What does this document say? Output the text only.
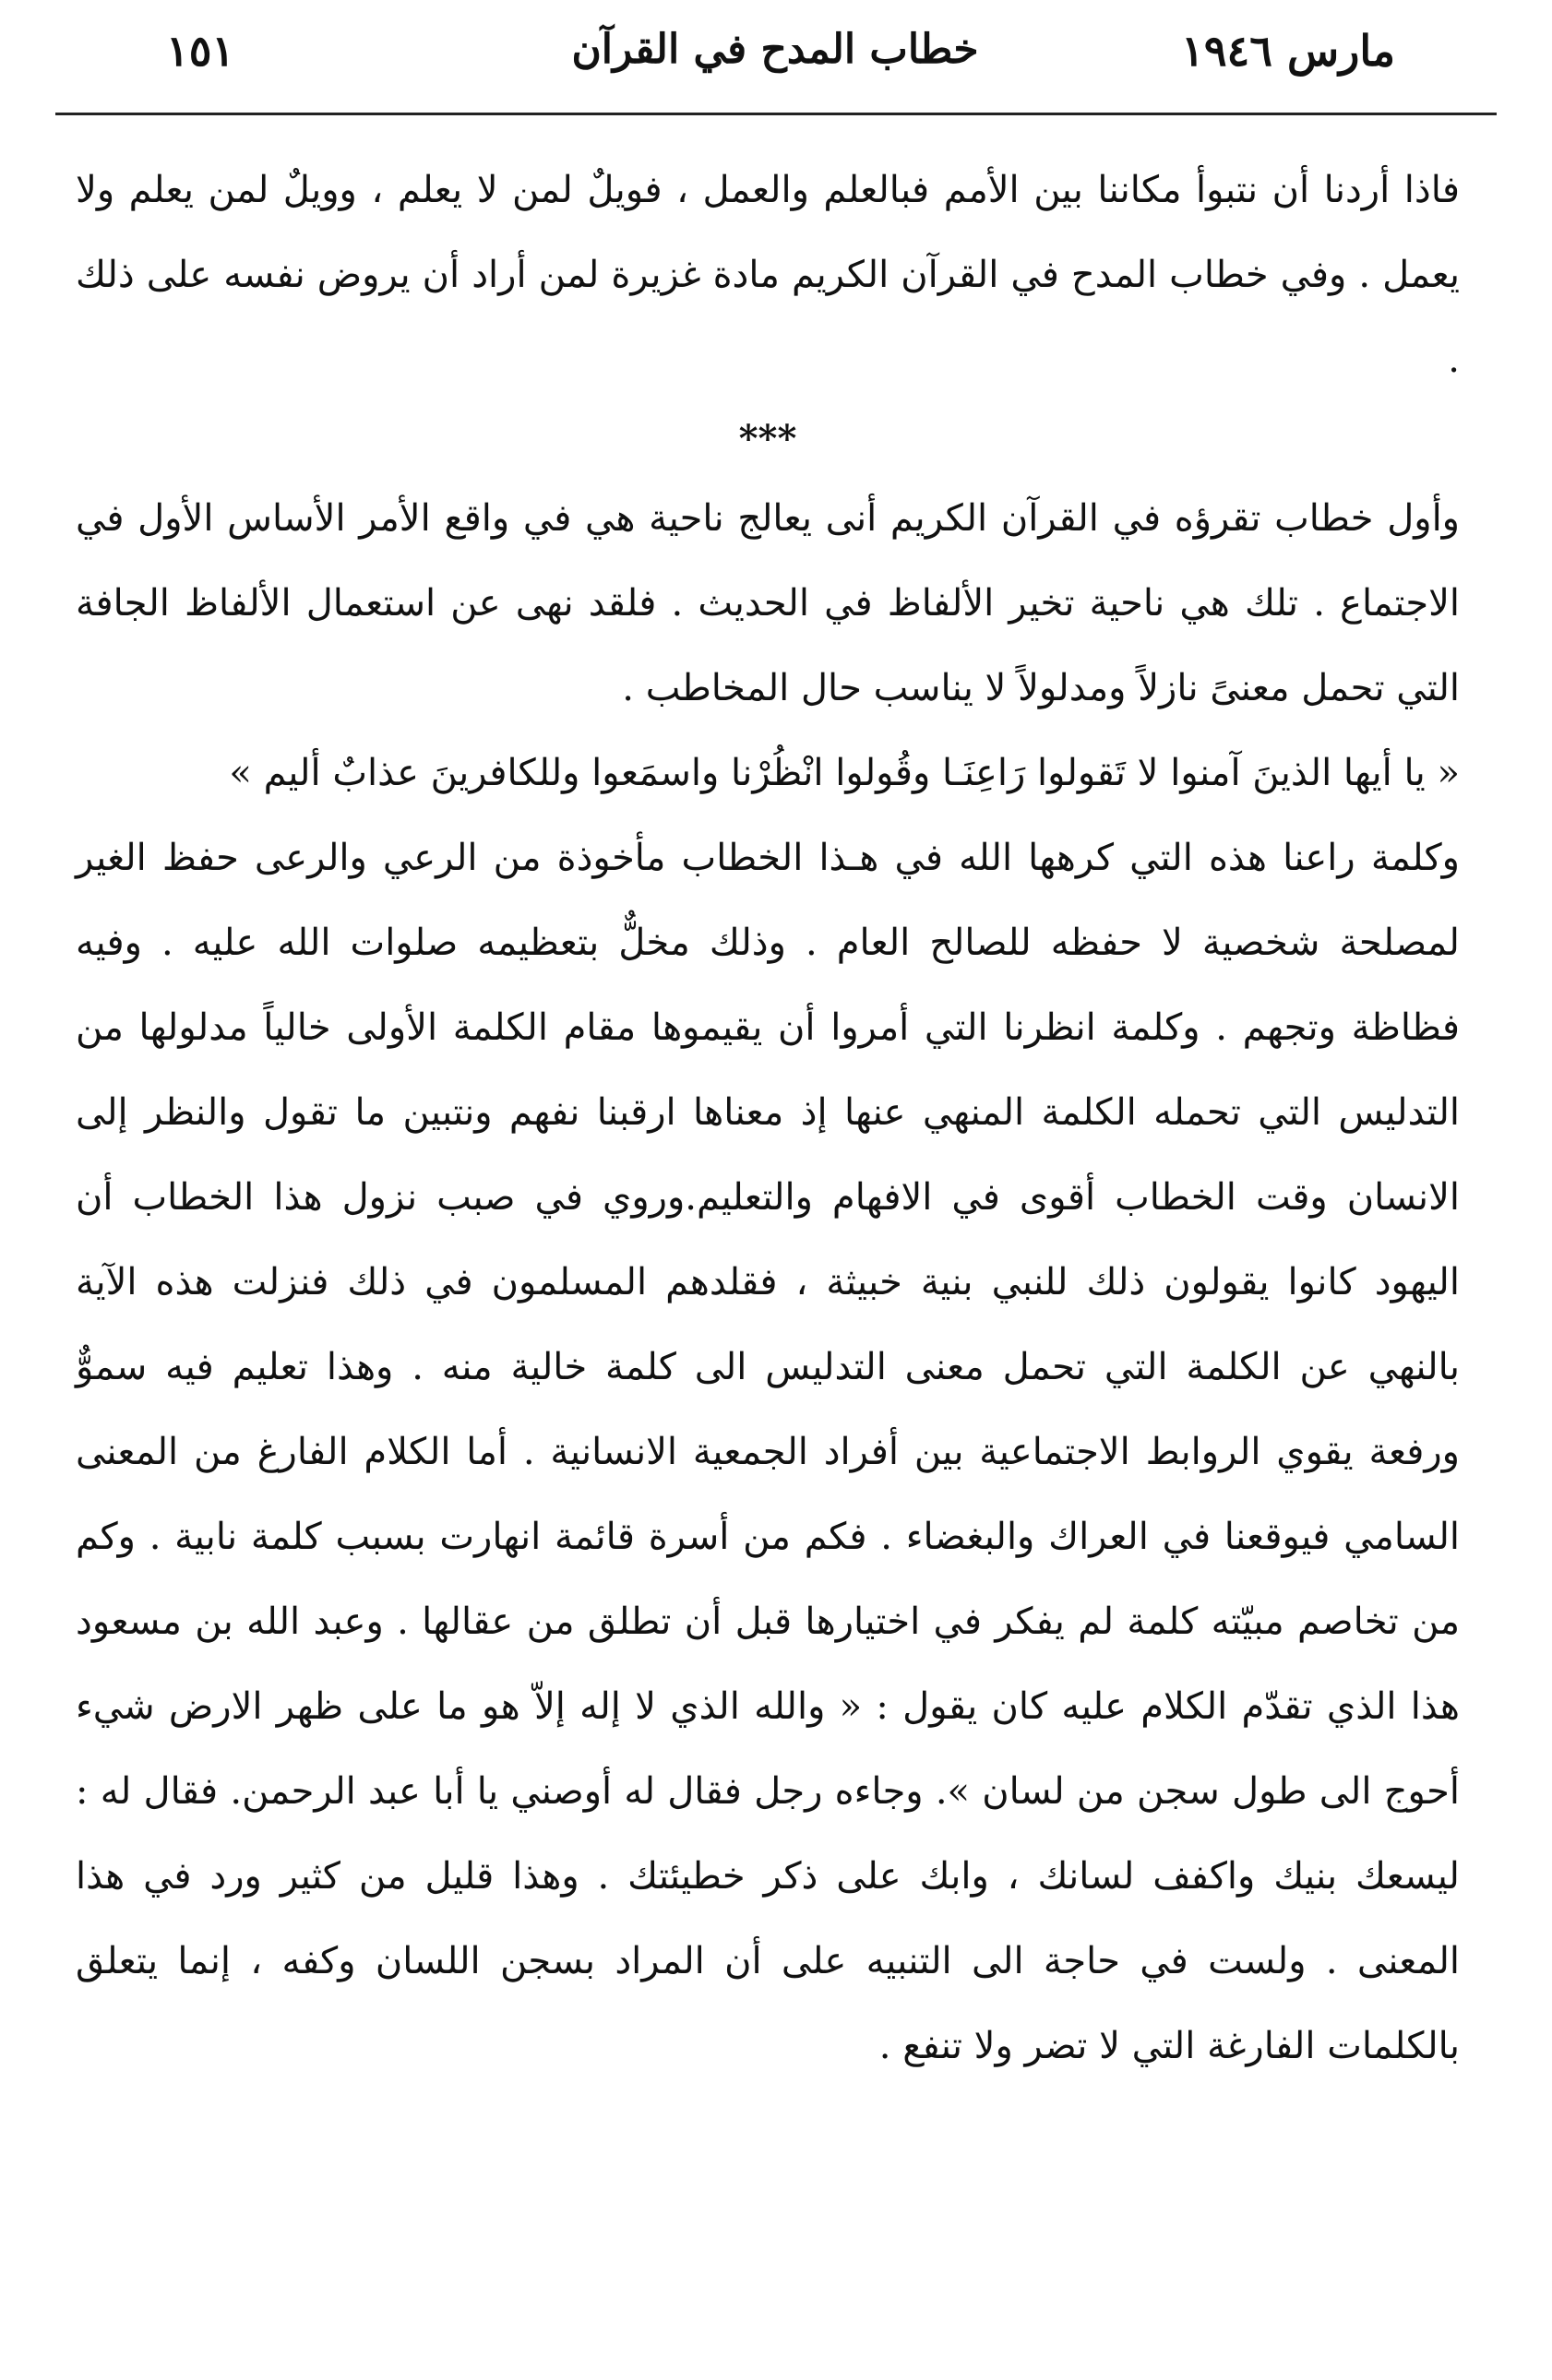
١٥١	خطاب المدح في القرآن	مارس ١٩٤٦

فاذا أردنا أن نتبوأ مكاننا بين الأمم فبالعلم والعمل ، فويلٌ لمن لا يعلم ، وويلٌ لمن يعلم ولا يعمل . وفي خطاب المدح في القرآن الكريم مادة غزيرة لمن أراد أن يروض نفسه على ذلك .

***

وأول خطاب تقرؤه في القرآن الكريم أنى يعالج ناحية هي في واقع الأمر الأساس الأول في الاجتماع . تلك هي ناحية تخير الألفاظ في الحديث . فلقد نهى عن استعمال الألفاظ الجافة التي تحمل معنىً نازلاً ومدلولاً لا يناسب حال المخاطب .

« يا أيها الذينَ آمنوا لا تَقولوا رَاعِنَـا وقُولوا انْظُرْنا واسمَعوا وللكافرينَ عذابٌ أليم »

وكلمة راعنا هذه التي كرهها الله في هـذا الخطاب مأخوذة من الرعي والرعى حفظ الغير لمصلحة شخصية لا حفظه للصالح العام . وذلك مخلٌّ بتعظيمه صلوات الله عليه . وفيه فظاظة وتجهم . وكلمة انظرنا التي أمروا أن يقيموها مقام الكلمة الأولى خالياً مدلولها من التدليس التي تحمله الكلمة المنهي عنها إذ معناها ارقبنا نفهم ونتبين ما تقول والنظر إلى الانسان وقت الخطاب أقوى في الافهام والتعليم.وروي في صبب نزول هذا الخطاب أن اليهود كانوا يقولون ذلك للنبي بنية خبيثة ، فقلدهم المسلمون في ذلك فنزلت هذه الآية بالنهي عن الكلمة التي تحمل معنى التدليس الى كلمة خالية منه . وهذا تعليم فيه سموٌّ ورفعة يقوي الروابط الاجتماعية بين أفراد الجمعية الانسانية . أما الكلام الفارغ من المعنى السامي فيوقعنا في العراك والبغضاء . فكم من أسرة قائمة انهارت بسبب كلمة نابية . وكم من تخاصم مبيّته كلمة لم يفكر في اختيارها قبل أن تطلق من عقالها . وعبد الله بن مسعود هذا الذي تقدّم الكلام عليه كان يقول : « والله الذي لا إله إلاّ هو ما على ظهر الارض شيء أحوج الى طول سجن من لسان ». وجاءه رجل فقال له أوصني يا أبا عبد الرحمن. فقال له : ليسعك بنيك واكفف لسانك ، وابك على ذكر خطيئتك . وهذا قليل من كثير ورد في هذا المعنى . ولست في حاجة الى التنبيه على أن المراد بسجن اللسان وكفه ، إنما يتعلق بالكلمات الفارغة التي لا تضر ولا تنفع .
